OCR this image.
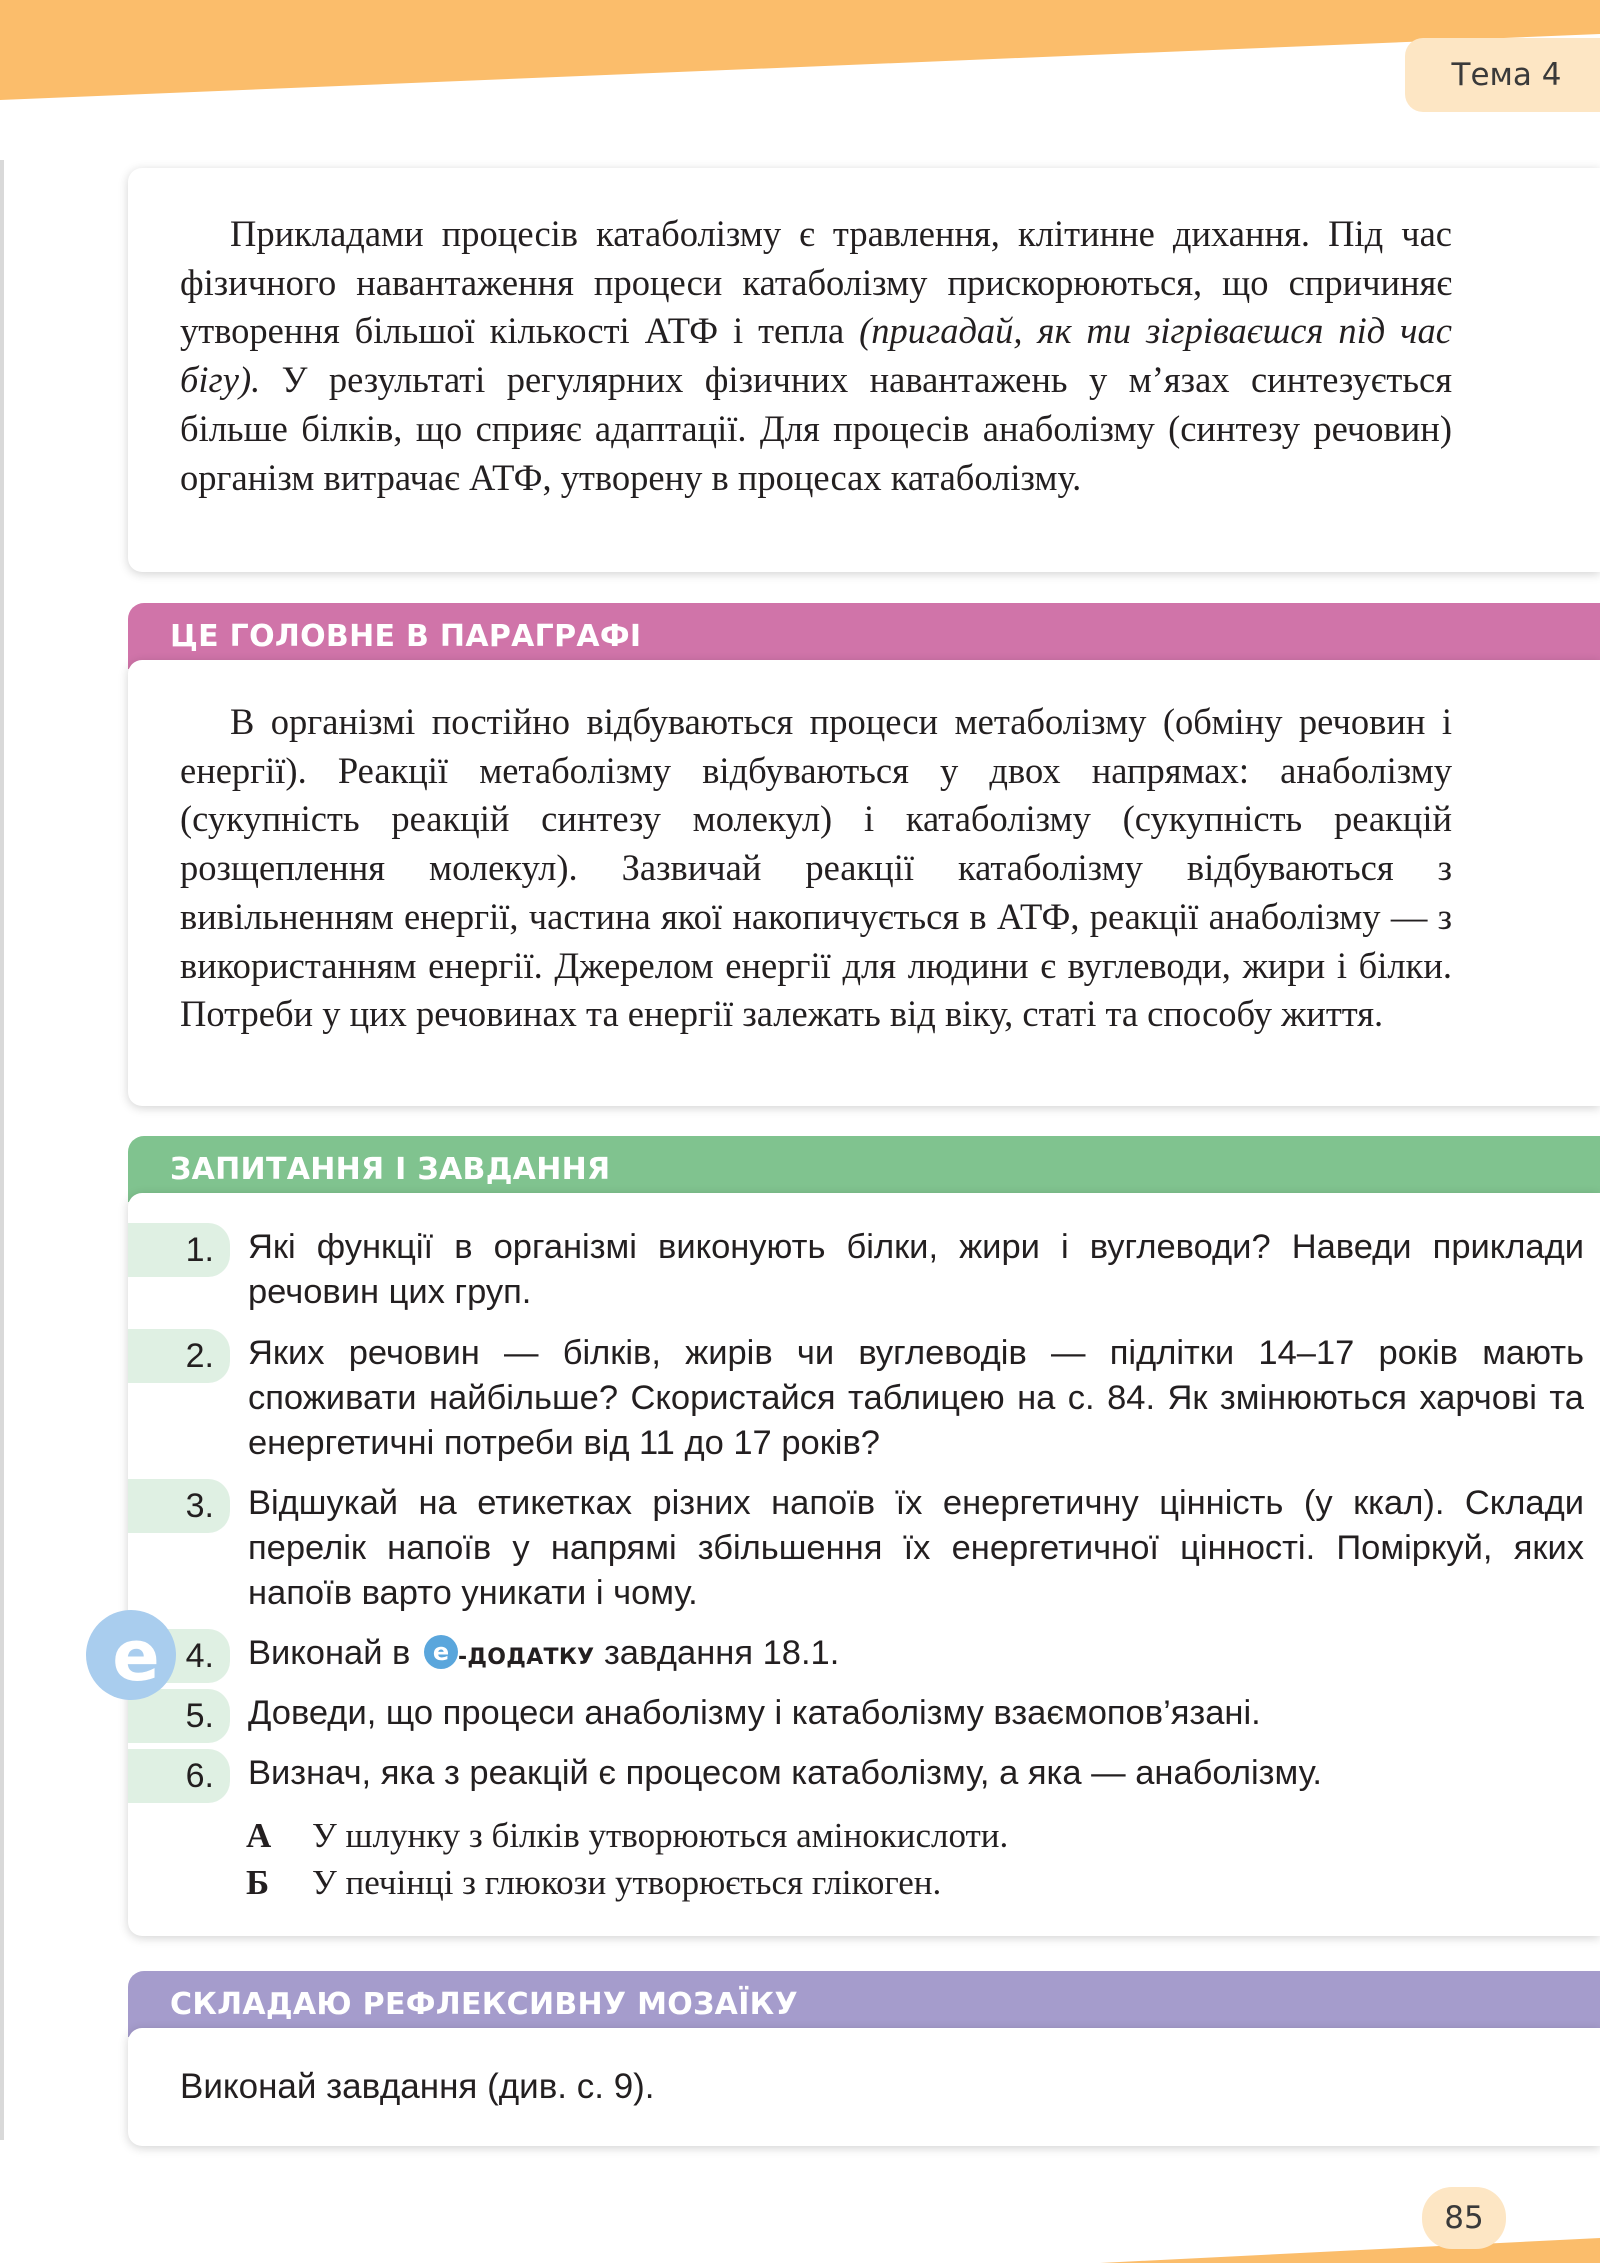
Тема 4

Прикладами процесів катаболізму є травлення, клітинне дихання. Під час фізичного навантаження процеси катаболізму прискорюються, що спричиняє утворення більшої кількості АТФ і тепла (пригадай, як ти зігріваєшся під час бігу). У результаті регулярних фізичних навантажень у м’язах синтезується більше білків, що сприяє адаптації. Для процесів анаболізму (синтезу речовин) організм витрачає АТФ, утворену в процесах катаболізму.

ЦЕ ГОЛОВНЕ В ПАРАГРАФІ

В організмі постійно відбуваються процеси метаболізму (обміну речовин і енергії). Реакції метаболізму відбуваються у двох напрямах: анаболізму (сукупність реакцій синтезу молекул) і катаболізму (сукупність реакцій розщеплення молекул). Зазвичай реакції катаболізму відбуваються з вивільненням енергії, частина якої накопичується в АТФ, реакції анаболізму — з використанням енергії. Джерелом енергії для людини є вуглеводи, жири і білки. Потреби у цих речовинах та енергії залежать від віку, статі та способу життя.

ЗАПИТАННЯ І ЗАВДАННЯ
1. Які функції в організмі виконують білки, жири і вуглеводи? Наведи приклади речовин цих груп.
2. Яких речовин — білків, жирів чи вуглеводів — підлітки 14–17 років мають споживати найбільше? Скористайся таблицею на с. 84. Як змінюються харчові та енергетичні потреби від 11 до 17 років?
3. Відшукай на етикетках різних напоїв їх енергетичну цінність (у ккал). Склади перелік напоїв у напрямі збільшення їх енергетичної цінності. Поміркуй, яких напоїв варто уникати і чому.
4. Виконай в e -ДОДАТКУ завдання 18.1.
5. Доведи, що процеси анаболізму і катаболізму взаємопов’язані.
6. Визнач, яка з реакцій є процесом катаболізму, а яка — анаболізму.
А У шлунку з білків утворюються амінокислоти.
Б У печінці з глюкози утворюється глікоген.
e
СКЛАДАЮ РЕФЛЕКСИВНУ МОЗАЇКУ
Виконай завдання (див. с. 9).
85
